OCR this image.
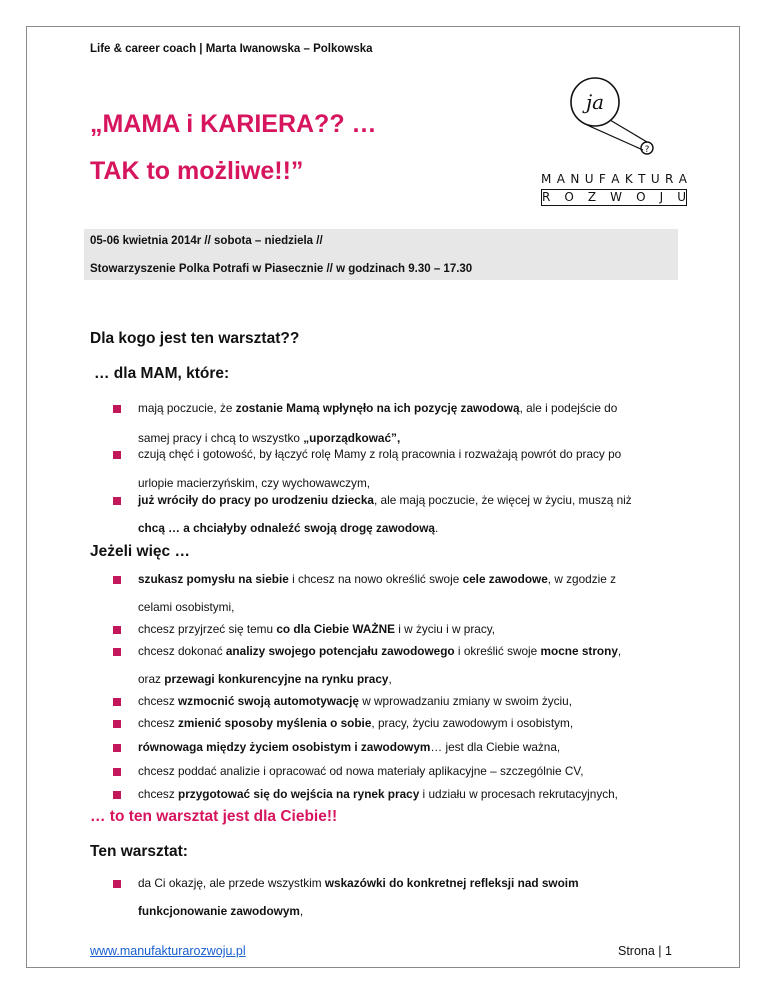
Life & career coach | Marta Iwanowska – Polkowska
„MAMA i KARIERA?? …
TAK to możliwe!!”
ja
?
M A N U F A K T U R A
R O Z W O J U
05-06 kwietnia 2014r // sobota – niedziela //
Stowarzyszenie Polka Potrafi w Piasecznie // w godzinach 9.30 – 17.30
Dla kogo jest ten warsztat??
… dla MAM, które:
mają poczucie, że zostanie Mamą wpłynęło na ich pozycję zawodową, ale i podejście do
samej pracy i chcą to wszystko „uporządkować”,
czują chęć i gotowość, by łączyć rolę Mamy z rolą pracownia i rozważają powrót do pracy po
urlopie macierzyńskim, czy wychowawczym,
już wróciły do pracy po urodzeniu dziecka, ale mają poczucie, że więcej w życiu, muszą niż
chcą … a chciałyby odnaleźć swoją drogę zawodową.
Jeżeli więc …
szukasz pomysłu na siebie i chcesz na nowo określić swoje cele zawodowe, w zgodzie z
celami osobistymi,
chcesz przyjrzeć się temu co dla Ciebie WAŻNE i w życiu i w pracy,
chcesz dokonać analizy swojego potencjału zawodowego i określić swoje mocne strony,
oraz przewagi konkurencyjne na rynku pracy,
chcesz wzmocnić swoją automotywację w wprowadzaniu zmiany w swoim życiu,
chcesz zmienić sposoby myślenia o sobie, pracy, życiu zawodowym i osobistym,
równowaga między życiem osobistym i zawodowym… jest dla Ciebie ważna,
chcesz poddać analizie i opracować od nowa materiały aplikacyjne – szczególnie CV,
chcesz przygotować się do wejścia na rynek pracy i udziału w procesach rekrutacyjnych,
… to ten warsztat jest dla Ciebie!!
Ten warsztat:
da Ci okazję, ale przede wszystkim wskazówki do konkretnej refleksji nad swoim
funkcjonowanie zawodowym,
www.manufakturarozwoju.pl	Strona | 1
